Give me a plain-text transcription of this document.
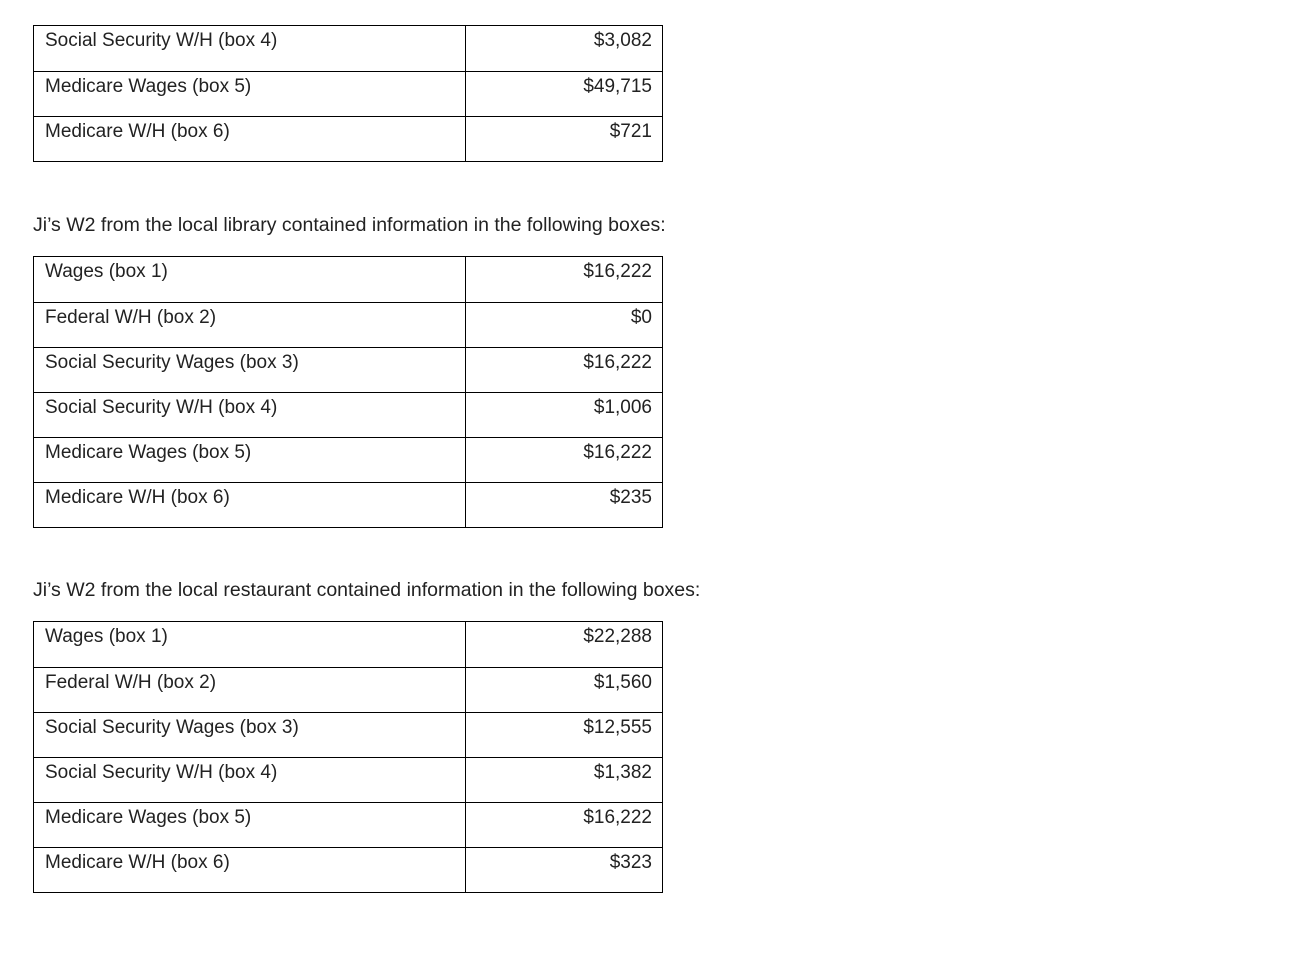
Social Security W/H (box 4)	$3,082
Medicare Wages (box 5)	$49,715
Medicare W/H (box 6)	$721
Ji’s W2 from the local library contained information in the following boxes:
Wages (box 1)	$16,222
Federal W/H (box 2)	$0
Social Security Wages (box 3)	$16,222
Social Security W/H (box 4)	$1,006
Medicare Wages (box 5)	$16,222
Medicare W/H (box 6)	$235
Ji’s W2 from the local restaurant contained information in the following boxes:
Wages (box 1)	$22,288
Federal W/H (box 2)	$1,560
Social Security Wages (box 3)	$12,555
Social Security W/H (box 4)	$1,382
Medicare Wages (box 5)	$16,222
Medicare W/H (box 6)	$323
